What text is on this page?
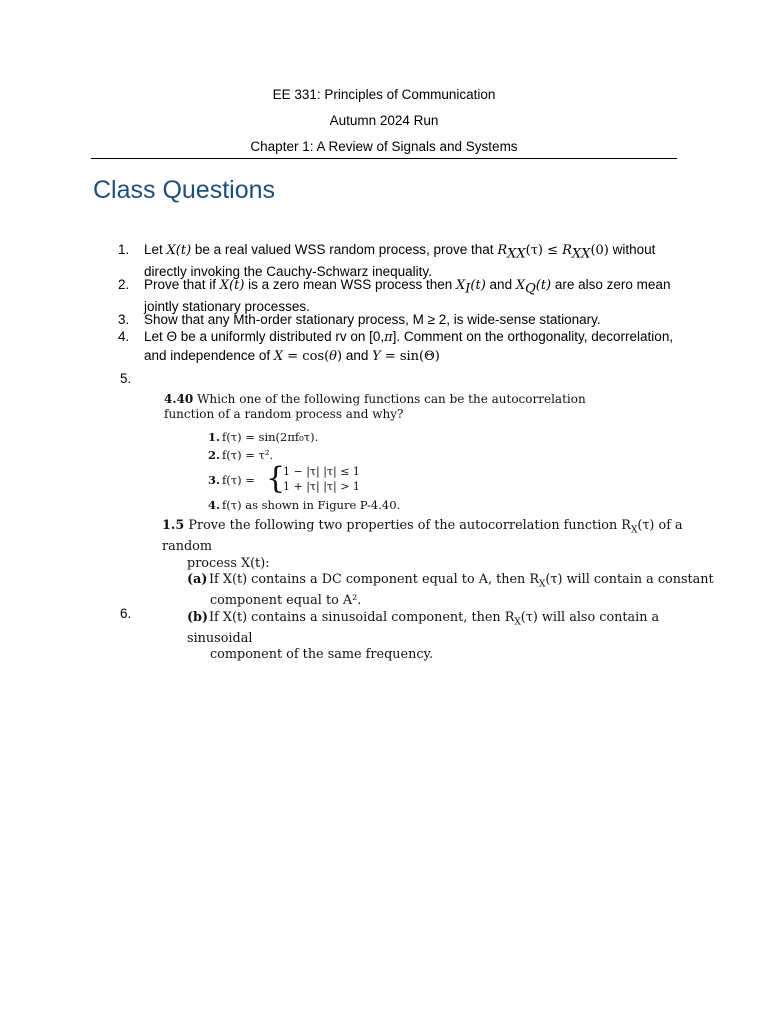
EE 331: Principles of Communication
Autumn 2024 Run
Chapter 1: A Review of Signals and Systems
Class Questions
1.	Let X(t) be a real valued WSS random process, prove that $R_{XX}(\tau) \le R_{XX}(0)$ without directly invoking the Cauchy-Schwarz inequality.
2.	Prove that if X(t) is a zero mean WSS process then $X_I(t)$ and $X_Q(t)$ are also zero mean jointly stationary processes.
3.	Show that any Mth-order stationary process, M ≥ 2, is wide-sense stationary.
4.	Let Θ be a uniformly distributed rv on [0,π]. Comment on the orthogonality, decorrelation, and independence of X = cos(θ) and Y = sin(Θ)
5.
6.
4.40 Which one of the following functions can be the autocorrelation function of a random process and why?
1. f(τ) = sin(2πf₀τ).
2. f(τ) = τ².
3. f(τ) = {
1 − |τ| |τ| ≤ 1
1 + |τ| |τ| > 1
4. f(τ) as shown in Figure P-4.40.
1.5 Prove the following two properties of the autocorrelation function $R_X(\tau)$ of a random
process X(t):
(a) If X(t) contains a DC component equal to A, then $R_X(\tau)$ will contain a constant
component equal to A².
(b)If X(t) contains a sinusoidal component, then $R_X(\tau)$ will also contain a sinusoidal
component of the same frequency.
